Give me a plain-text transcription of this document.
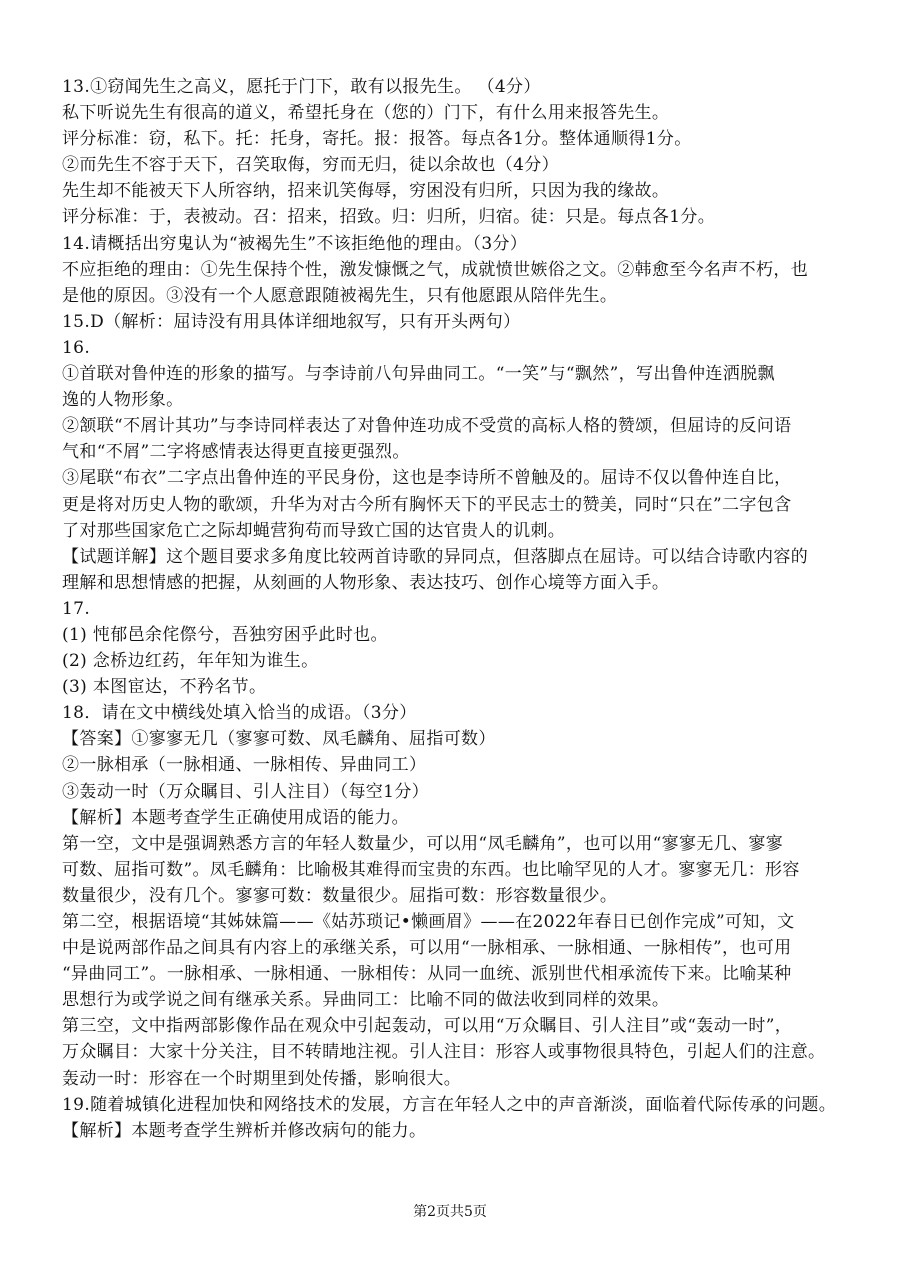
13.①窃闻先生之高义，愿托于门下，敢有以报先生。 （4分）
私下听说先生有很高的道义，希望托身在（您的）门下，有什么用来报答先生。
评分标准：窃，私下。托：托身，寄托。报：报答。每点各1分。整体通顺得1分。
②而先生不容于天下，召笑取侮，穷而无归，徒以余故也（4分）
先生却不能被天下人所容纳，招来讥笑侮辱，穷困没有归所，只因为我的缘故。
评分标准：于，表被动。召：招来，招致。归：归所，归宿。徒：只是。每点各1分。
14.请概括出穷鬼认为“被褐先生”不该拒绝他的理由。（3分）
不应拒绝的理由：①先生保持个性，激发慷慨之气，成就愤世嫉俗之文。②韩愈至今名声不朽，也
是他的原因。③没有一个人愿意跟随被褐先生，只有他愿跟从陪伴先生。
15.D（解析：屈诗没有用具体详细地叙写，只有开头两句）
16.
①首联对鲁仲连的形象的描写。与李诗前八句异曲同工。“一笑”与“飘然”，写出鲁仲连洒脱飘
逸的人物形象。
②颔联“不屑计其功”与李诗同样表达了对鲁仲连功成不受赏的高标人格的赞颂，但屈诗的反问语
气和“不屑”二字将感情表达得更直接更强烈。
③尾联“布衣”二字点出鲁仲连的平民身份，这也是李诗所不曾触及的。屈诗不仅以鲁仲连自比，
更是将对历史人物的歌颂，升华为对古今所有胸怀天下的平民志士的赞美，同时“只在”二字包含
了对那些国家危亡之际却蝇营狗苟而导致亡国的达官贵人的讥刺。
【试题详解】这个题目要求多角度比较两首诗歌的异同点，但落脚点在屈诗。可以结合诗歌内容的
理解和思想情感的把握，从刻画的人物形象、表达技巧、创作心境等方面入手。
17.
(1) 忳郁邑余侘傺兮，吾独穷困乎此时也。
(2) 念桥边红药，年年知为谁生。
(3) 本图宦达，不矜名节。
18．请在文中横线处填入恰当的成语。（3分）
【答案】①寥寥无几（寥寥可数、凤毛麟角、屈指可数）
②一脉相承（一脉相通、一脉相传、异曲同工）
③轰动一时（万众瞩目、引人注目）（每空1分）
【解析】本题考查学生正确使用成语的能力。
第一空，文中是强调熟悉方言的年轻人数量少，可以用“凤毛麟角”，也可以用“寥寥无几、寥寥
可数、屈指可数”。凤毛麟角：比喻极其难得而宝贵的东西。也比喻罕见的人才。寥寥无几：形容
数量很少，没有几个。寥寥可数：数量很少。屈指可数：形容数量很少。
第二空，根据语境“其姊妹篇——《姑苏琐记•懒画眉》——在2022年春日已创作完成”可知，文
中是说两部作品之间具有内容上的承继关系，可以用“一脉相承、一脉相通、一脉相传”，也可用
“异曲同工”。一脉相承、一脉相通、一脉相传：从同一血统、派别世代相承流传下来。比喻某种
思想行为或学说之间有继承关系。异曲同工：比喻不同的做法收到同样的效果。
第三空，文中指两部影像作品在观众中引起轰动，可以用“万众瞩目、引人注目”或“轰动一时”，
万众瞩目：大家十分关注，目不转睛地注视。引人注目：形容人或事物很具特色，引起人们的注意。
轰动一时：形容在一个时期里到处传播，影响很大。
19.随着城镇化进程加快和网络技术的发展，方言在年轻人之中的声音渐淡，面临着代际传承的问题。
【解析】本题考查学生辨析并修改病句的能力。
第2页共5页
